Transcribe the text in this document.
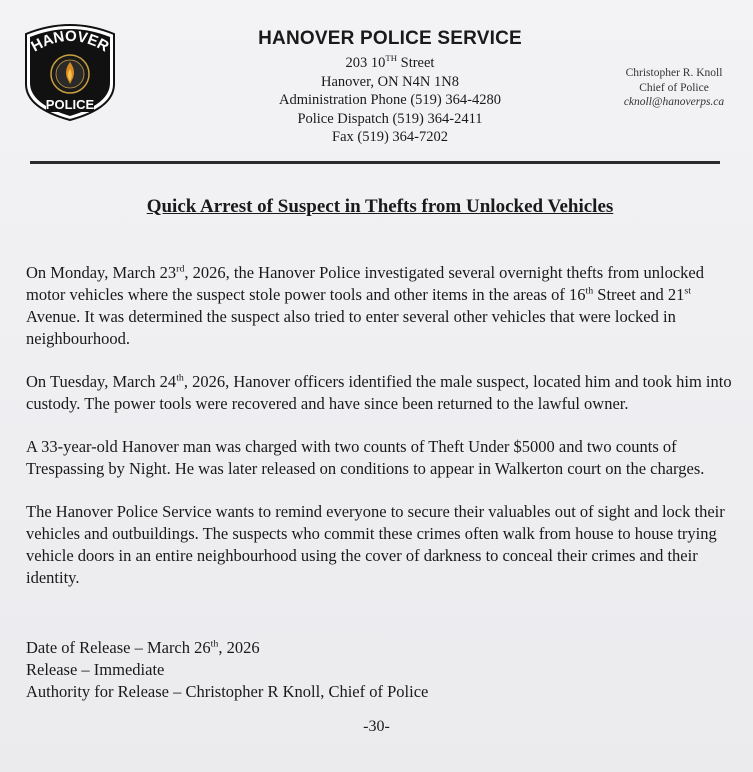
HANOVER
POLICE
HANOVER POLICE SERVICE
203 10TH Street
Hanover, ON N4N 1N8
Administration Phone (519) 364-4280
Police Dispatch (519) 364-2411
Fax (519) 364-7202
Christopher R. Knoll
Chief of Police
cknoll@hanoverps.ca
Quick Arrest of Suspect in Thefts from Unlocked Vehicles

On Monday, March 23rd, 2026, the Hanover Police investigated several overnight thefts from unlocked motor vehicles where the suspect stole power tools and other items in the areas of 16th Street and 21st Avenue. It was determined the suspect also tried to enter several other vehicles that were locked in neighbourhood.

On Tuesday, March 24th, 2026, Hanover officers identified the male suspect, located him and took him into custody. The power tools were recovered and have since been returned to the lawful owner.

A 33-year-old Hanover man was charged with two counts of Theft Under $5000 and two counts of Trespassing by Night. He was later released on conditions to appear in Walkerton court on the charges.

The Hanover Police Service wants to remind everyone to secure their valuables out of sight and lock their vehicles and outbuildings. The suspects who commit these crimes often walk from house to house trying vehicle doors in an entire neighbourhood using the cover of darkness to conceal their crimes and their identity.

Date of Release – March 26th, 2026
Release – Immediate
Authority for Release – Christopher R Knoll, Chief of Police
-30-
